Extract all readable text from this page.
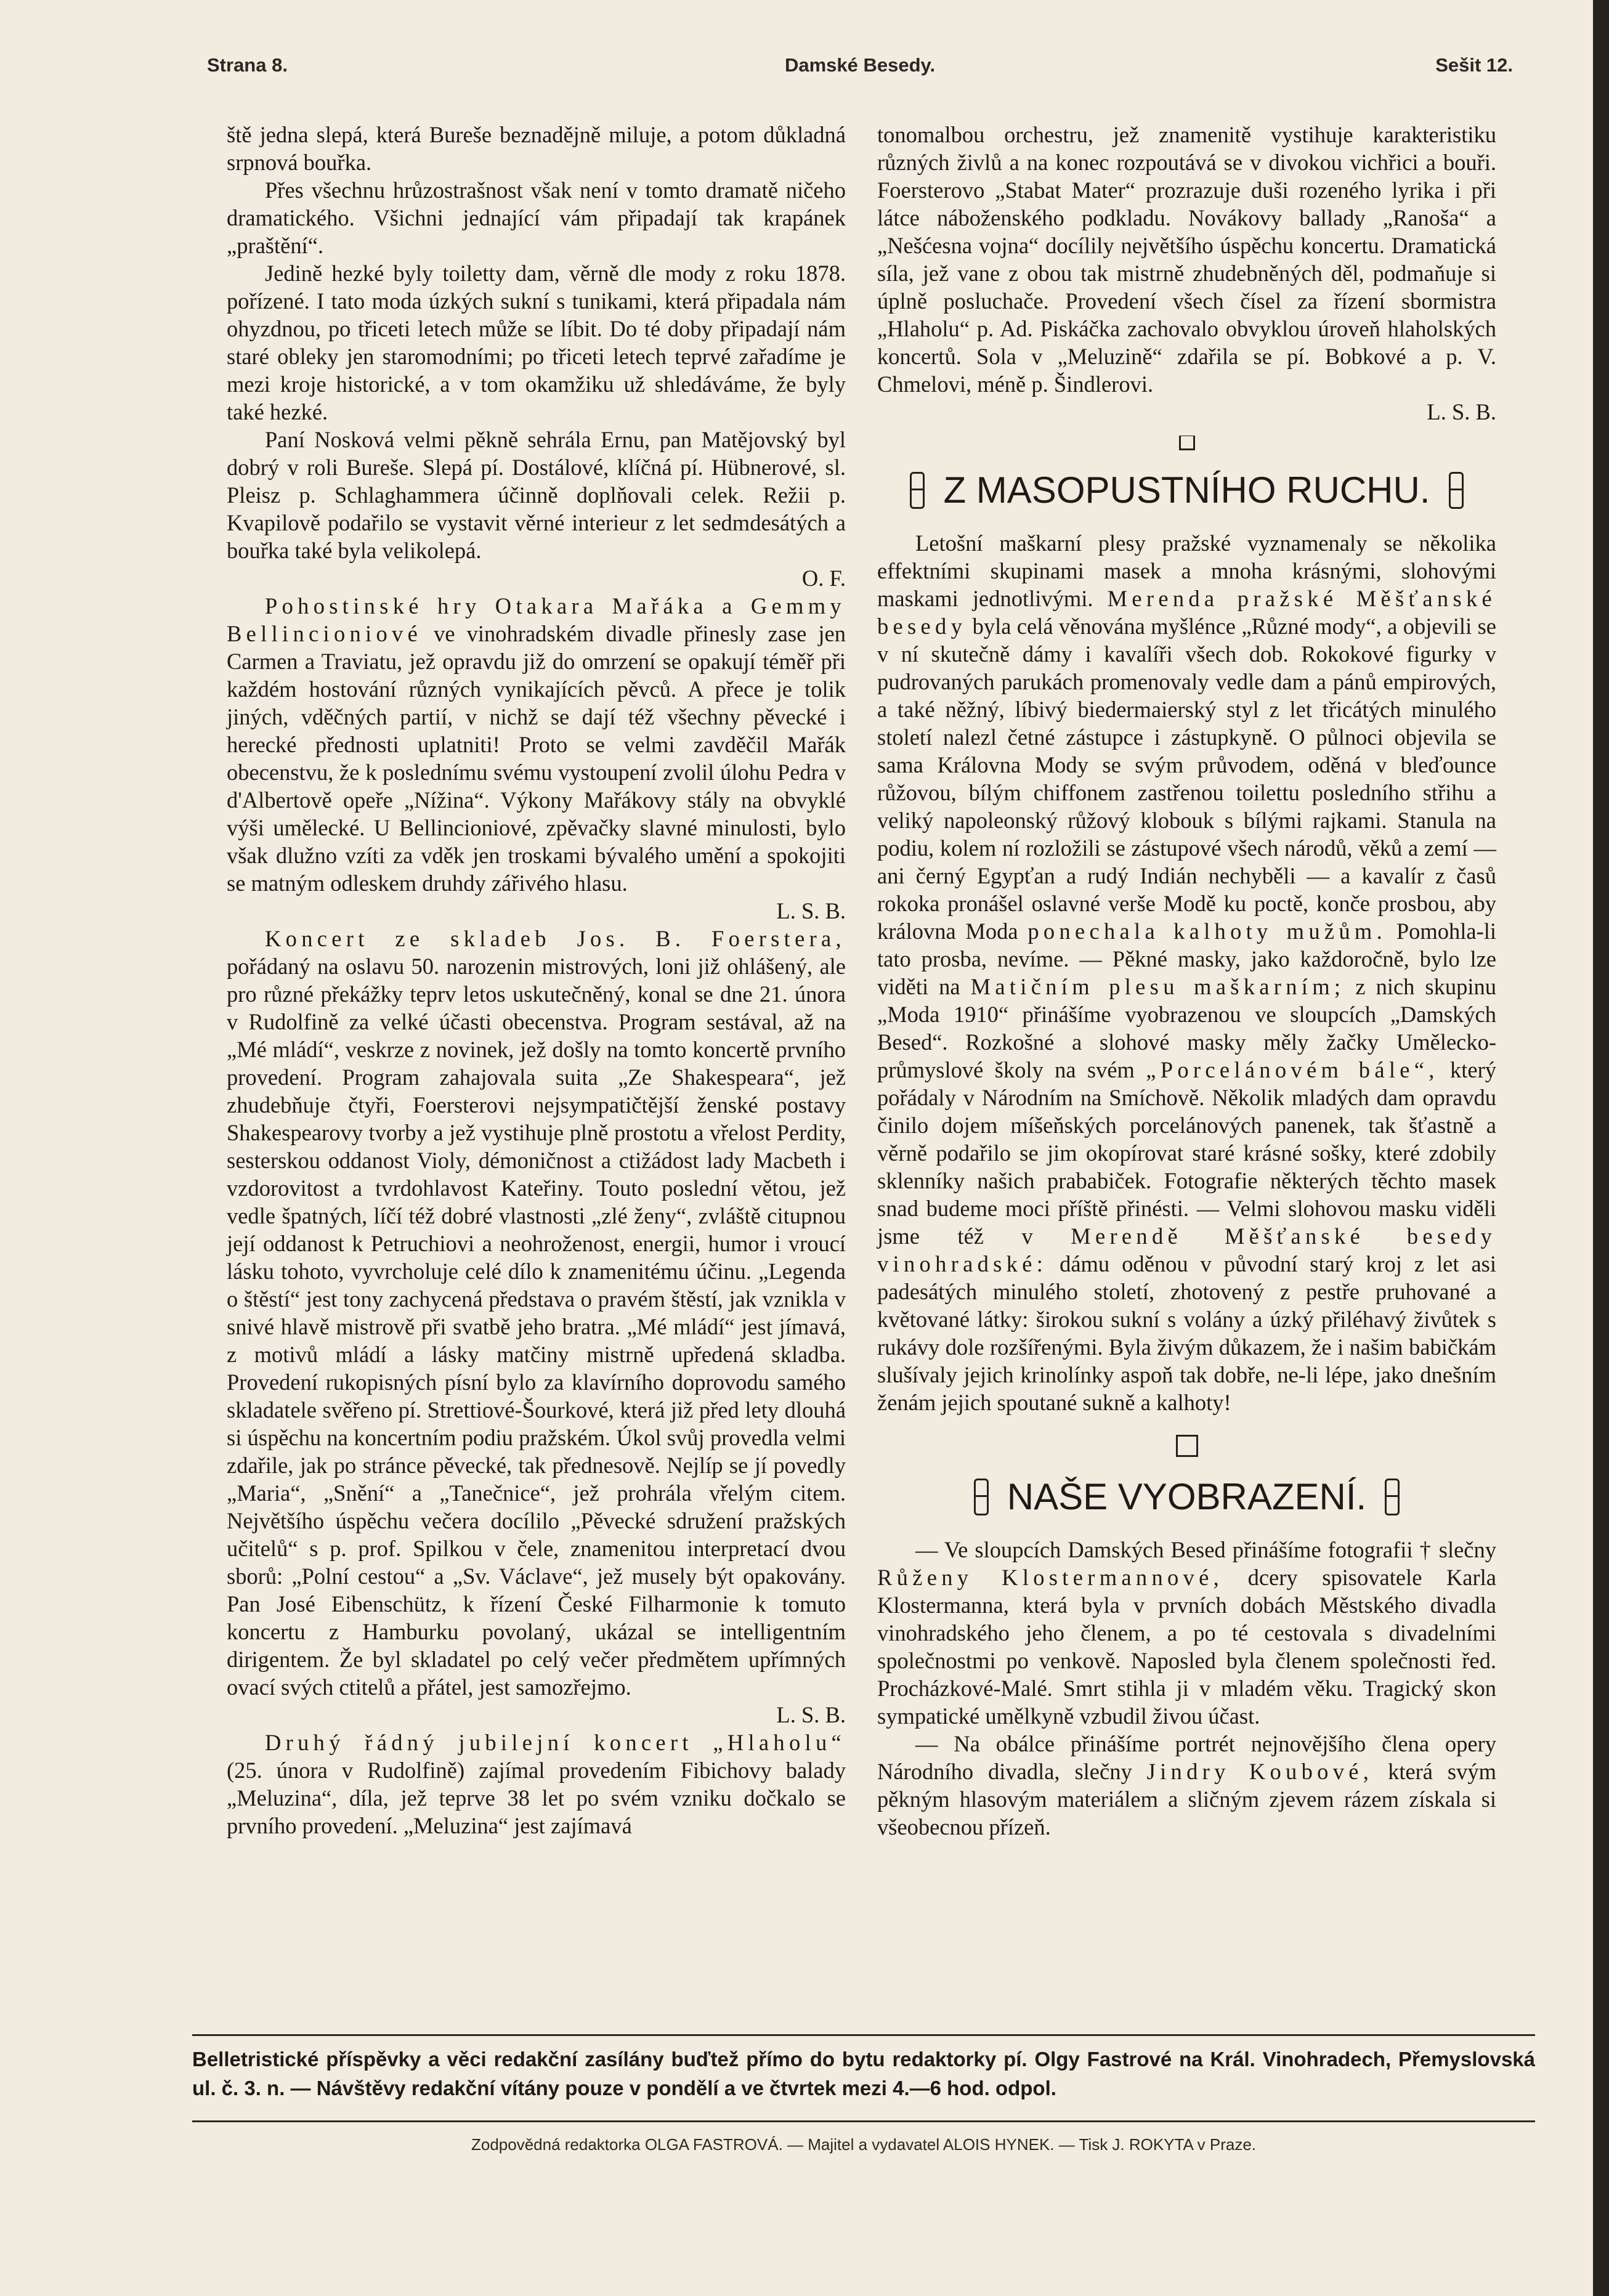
Strana 8.	Damské Besedy.	Sešit 12.

ště jedna slepá, která Bureše beznadějně miluje, a potom důkladná srpnová bouřka.

Přes všechnu hrůzostrašnost však není v tomto dramatě ničeho dramatického. Všichni jednající vám připadají tak krapánek „praštění“.

Jedině hezké byly toiletty dam, věrně dle mody z roku 1878. pořízené. I tato moda úzkých sukní s tunikami, která připadala nám ohyzdnou, po třiceti letech může se líbit. Do té doby připadají nám staré obleky jen staromodními; po třiceti letech teprvé zařadíme je mezi kroje historické, a v tom okamžiku už shledáváme, že byly také hezké.

Paní Nosková velmi pěkně sehrála Ernu, pan Matějovský byl dobrý v roli Bureše. Slepá pí. Dostálové, klíčná pí. Hübnerové, sl. Pleisz p. Schlaghammera účinně doplňovali celek. Režii p. Kvapilově podařilo se vystavit věrné interieur z let sedmdesátých a bouřka také byla velikolepá.
O. F.

Pohostinské hry Otakara Mařáka a Gemmy Bellincioniové ve vinohradském divadle přinesly zase jen Carmen a Traviatu, jež opravdu již do omrzení se opakují téměř při každém hostování různých vynikajících pěvců. A přece je tolik jiných, vděčných partií, v nichž se dají též všechny pěvecké i herecké přednosti uplatniti! Proto se velmi zavděčil Mařák obecenstvu, že k poslednímu svému vystoupení zvolil úlohu Pedra v d'Albertově opeře „Nížina“. Výkony Mařákovy stály na obvyklé výši umělecké. U Bellincioniové, zpěvačky slavné minulosti, bylo však dlužno vzíti za vděk jen troskami bývalého umění a spokojiti se matným odleskem druhdy zářivého hlasu.
L. S. B.

Koncert ze skladeb Jos. B. Foerstera, pořádaný na oslavu 50. narozenin mistrových, loni již ohlášený, ale pro různé překážky teprv letos uskutečněný, konal se dne 21. února v Rudolfině za velké účasti obecenstva. Program sestával, až na „Mé mládí“, veskrze z novinek, jež došly na tomto koncertě prvního provedení. Program zahajovala suita „Ze Shakespeara“, jež zhudebňuje čtyři, Foersterovi nejsympatičtější ženské postavy Shakespearovy tvorby a jež vystihuje plně prostotu a vřelost Perdity, sesterskou oddanost Violy, démoničnost a ctižádost lady Macbeth i vzdorovitost a tvrdohlavost Kateřiny. Touto poslední větou, jež vedle špatných, líčí též dobré vlastnosti „zlé ženy“, zvláště citupnou její oddanost k Petruchiovi a neohroženost, energii, humor i vroucí lásku tohoto, vyvrcholuje celé dílo k znamenitému účinu. „Legenda o štěstí“ jest tony zachycená představa o pravém štěstí, jak vznikla v snivé hlavě mistrově při svatbě jeho bratra. „Mé mládí“ jest jímavá, z motivů mládí a lásky matčiny mistrně upředená skladba. Provedení rukopisných písní bylo za klavírního doprovodu samého skladatele svěřeno pí. Strettiové-Šourkové, která již před lety dlouhá si úspěchu na koncertním podiu pražském. Úkol svůj provedla velmi zdařile, jak po stránce pěvecké, tak přednesově. Nejlíp se jí povedly „Maria“, „Snění“ a „Tanečnice“, jež prohrála vřelým citem. Největšího úspěchu večera docílilo „Pěvecké sdružení pražských učitelů“ s p. prof. Spilkou v čele, znamenitou interpretací dvou sborů: „Polní cestou“ a „Sv. Václave“, jež musely být opakovány. Pan José Eibenschütz, k řízení České Filharmonie k tomuto koncertu z Hamburku povolaný, ukázal se intelligentním dirigentem. Že byl skladatel po celý večer předmětem upřímných ovací svých ctitelů a přátel, jest samozřejmo.
L. S. B.

Druhý řádný jubilejní koncert „Hlaholu“ (25. února v Rudolfině) zajímal provedením Fibichovy balady „Meluzina“, díla, jež teprve 38 let po svém vzniku dočkalo se prvního provedení. „Meluzina“ jest zajímavá

tonomalbou orchestru, jež znamenitě vystihuje karakteristiku různých živlů a na konec rozpoutává se v divokou vichřici a bouři. Foersterovo „Stabat Mater“ prozrazuje duši rozeného lyrika i při látce náboženského podkladu. Novákovy ballady „Ranoša“ a „Nešćesna vojna“ docílily největšího úspěchu koncertu. Dramatická síla, jež vane z obou tak mistrně zhudebněných děl, podmaňuje si úplně posluchače. Provedení všech čísel za řízení sbormistra „Hlaholu“ p. Ad. Piskáčka zachovalo obvyklou úroveň hlaholských koncertů. Sola v „Meluzině“ zdařila se pí. Bobkové a p. V. Chmelovi, méně p. Šindlerovi.
L. S. B.

Z MASOPUSTNÍHO RUCHU.

Letošní maškarní plesy pražské vyznamenaly se několika effektními skupinami masek a mnoha krásnými, slohovými maskami jednotlivými. Merenda pražské Měšťanské besedy byla celá věnována myšlénce „Různé mody“, a objevili se v ní skutečně dámy i kavalíři všech dob. Rokokové figurky v pudrovaných parukách promenovaly vedle dam a pánů empirových, a také něžný, líbivý biedermaierský styl z let třicátých minulého století nalezl četné zástupce i zástupkyně. O půlnoci objevila se sama Královna Mody se svým průvodem, oděná v bleďounce růžovou, bílým chiffonem zastřenou toilettu posledního střihu a veliký napoleonský růžový klobouk s bílými rajkami. Stanula na podiu, kolem ní rozložili se zástupové všech národů, věků a zemí — ani černý Egypťan a rudý Indián nechyběli — a kavalír z časů rokoka pronášel oslavné verše Modě ku poctě, konče prosbou, aby královna Moda ponechala kalhoty mužům. Pomohla-li tato prosba, nevíme. — Pěkné masky, jako každoročně, bylo lze viděti na Matičním plesu maškarním; z nich skupinu „Moda 1910“ přinášíme vyobrazenou ve sloupcích „Damských Besed“. Rozkošné a slohové masky měly žačky Umělecko-průmyslové školy na svém „Porcelánovém bále“, který pořádaly v Národním na Smíchově. Několik mladých dam opravdu činilo dojem míšeňských porcelánových panenek, tak šťastně a věrně podařilo se jim okopírovat staré krásné sošky, které zdobily sklenníky našich prababiček. Fotografie některých těchto masek snad budeme moci příště přinésti. — Velmi slohovou masku viděli jsme též v Merendě Měšťanské besedy vinohradské: dámu oděnou v původní starý kroj z let asi padesátých minulého století, zhotovený z pestře pruhované a květované látky: širokou sukní s volány a úzký přiléhavý živůtek s rukávy dole rozšířenými. Byla živým důkazem, že i našim babičkám slušívaly jejich krinolínky aspoň tak dobře, ne-li lépe, jako dnešním ženám jejich spoutané sukně a kalhoty!

NAŠE VYOBRAZENÍ.

— Ve sloupcích Damských Besed přinášíme fotografii † slečny Růženy Klostermannové, dcery spisovatele Karla Klostermanna, která byla v prvních dobách Městského divadla vinohradského jeho členem, a po té cestovala s divadelními společnostmi po venkově. Naposled byla členem společnosti řed. Procházkové-Malé. Smrt stihla ji v mladém věku. Tragický skon sympatické umělkyně vzbudil živou účast.

— Na obálce přinášíme portrét nejnovějšího člena opery Národního divadla, slečny Jindry Koubové, která svým pěkným hlasovým materiálem a sličným zjevem rázem získala si všeobecnou přízeň.

Belletristické příspěvky a věci redakční zasílány buďtež přímo do bytu redaktorky pí. Olgy Fastrové na Král. Vinohradech, Přemyslovská ul. č. 3. n. — Návštěvy redakční vítány pouze v pondělí a ve čtvrtek mezi 4.—6 hod. odpol.
Zodpovědná redaktorka OLGA FASTROVÁ. — Majitel a vydavatel ALOIS HYNEK. — Tisk J. ROKYTA v Praze.
